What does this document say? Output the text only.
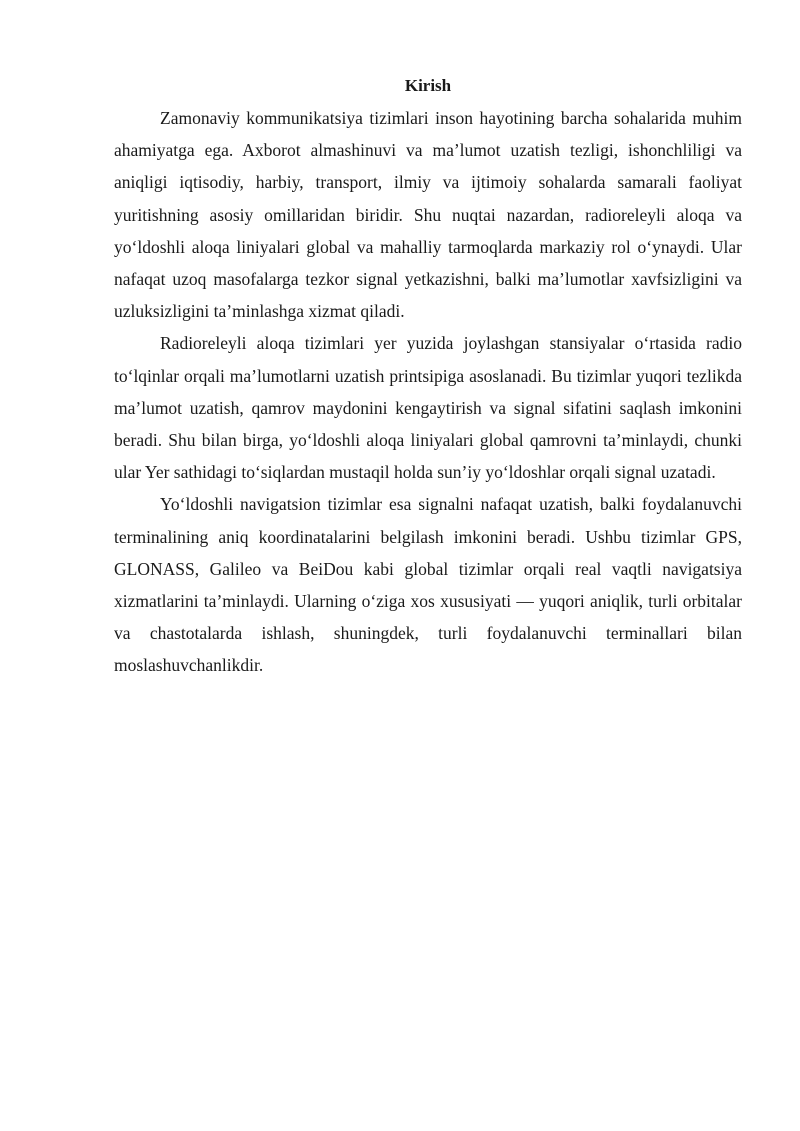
Kirish

Zamonaviy kommunikatsiya tizimlari inson hayotining barcha sohalarida muhim ahamiyatga ega. Axborot almashinuvi va ma’lumot uzatish tezligi, ishonchliligi va aniqligi iqtisodiy, harbiy, transport, ilmiy va ijtimoiy sohalarda samarali faoliyat yuritishning asosiy omillaridan biridir. Shu nuqtai nazardan, radioreleyli aloqa va yo‘ldoshli aloqa liniyalari global va mahalliy tarmoqlarda markaziy rol o‘ynaydi. Ular nafaqat uzoq masofalarga tezkor signal yetkazishni, balki ma’lumotlar xavfsizligini va uzluksizligini ta’minlashga xizmat qiladi.

Radioreleyli aloqa tizimlari yer yuzida joylashgan stansiyalar o‘rtasida radio to‘lqinlar orqali ma’lumotlarni uzatish printsipiga asoslanadi. Bu tizimlar yuqori tezlikda ma’lumot uzatish, qamrov maydonini kengaytirish va signal sifatini saqlash imkonini beradi. Shu bilan birga, yo‘ldoshli aloqa liniyalari global qamrovni ta’minlaydi, chunki ular Yer sathidagi to‘siqlardan mustaqil holda sun’iy yo‘ldoshlar orqali signal uzatadi.

Yo‘ldoshli navigatsion tizimlar esa signalni nafaqat uzatish, balki foydalanuvchi terminalining aniq koordinatalarini belgilash imkonini beradi. Ushbu tizimlar GPS, GLONASS, Galileo va BeiDou kabi global tizimlar orqali real vaqtli navigatsiya xizmatlarini ta’minlaydi. Ularning o‘ziga xos xususiyati — yuqori aniqlik, turli orbitalar va chastotalarda ishlash, shuningdek, turli foydalanuvchi terminallari bilan moslashuvchanlikdir.
